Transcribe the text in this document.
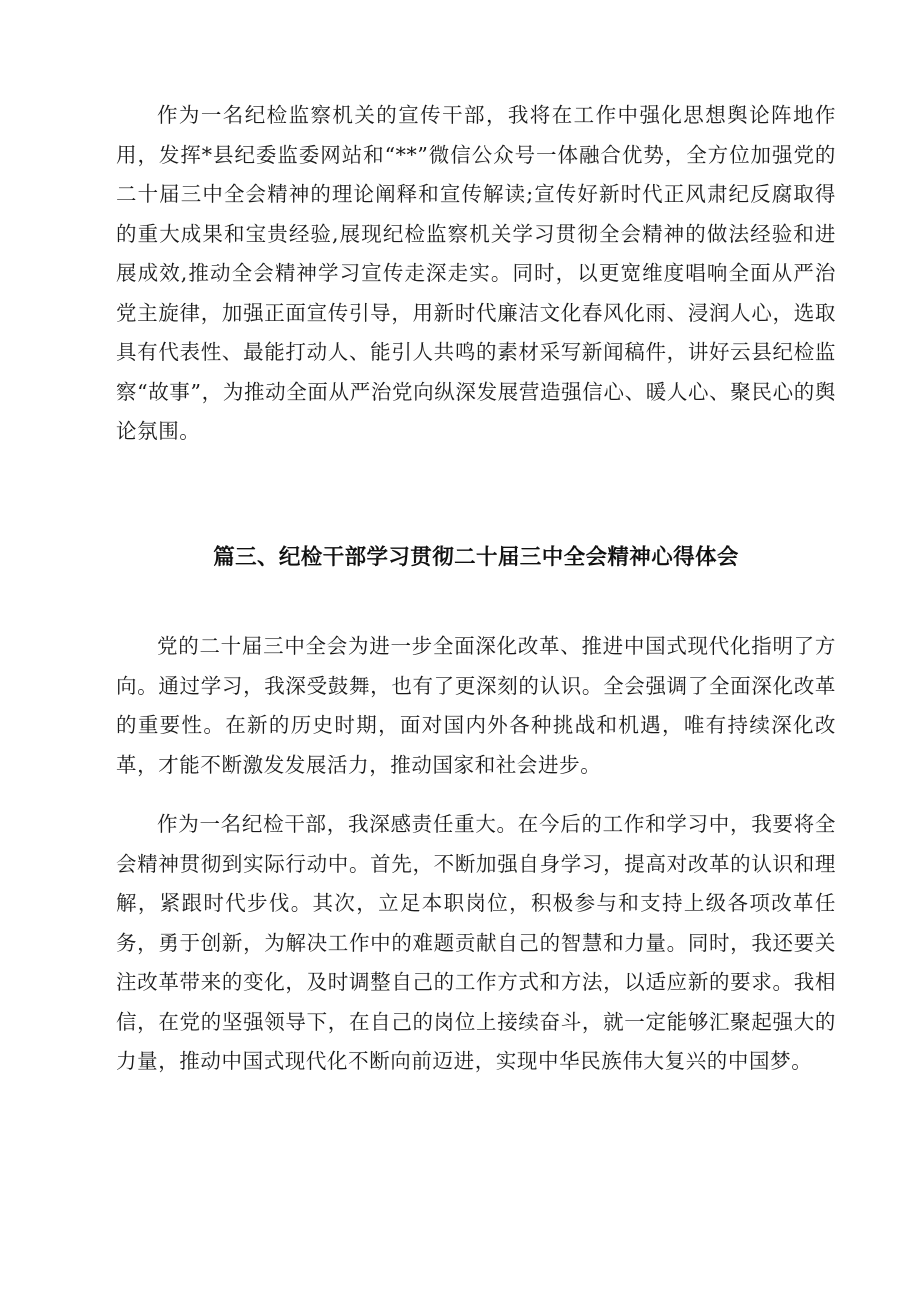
作为一名纪检监察机关的宣传干部，我将在工作中强化思想舆论阵地作用，发挥*县纪委监委网站和“**”微信公众号一体融合优势，全方位加强党的二十届三中全会精神的理论阐释和宣传解读;宣传好新时代正风肃纪反腐取得的重大成果和宝贵经验,展现纪检监察机关学习贯彻全会精神的做法经验和进展成效,推动全会精神学习宣传走深走实。同时，以更宽维度唱响全面从严治党主旋律，加强正面宣传引导，用新时代廉洁文化春风化雨、浸润人心，选取具有代表性、最能打动人、能引人共鸣的素材采写新闻稿件，讲好云县纪检监察“故事”，为推动全面从严治党向纵深发展营造强信心、暖人心、聚民心的舆论氛围。

篇三、纪检干部学习贯彻二十届三中全会精神心得体会

党的二十届三中全会为进一步全面深化改革、推进中国式现代化指明了方向。通过学习，我深受鼓舞，也有了更深刻的认识。全会强调了全面深化改革的重要性。在新的历史时期，面对国内外各种挑战和机遇，唯有持续深化改革，才能不断激发发展活力，推动国家和社会进步。

作为一名纪检干部，我深感责任重大。在今后的工作和学习中，我要将全会精神贯彻到实际行动中。首先，不断加强自身学习，提高对改革的认识和理解，紧跟时代步伐。其次，立足本职岗位，积极参与和支持上级各项改革任务，勇于创新，为解决工作中的难题贡献自己的智慧和力量。同时，我还要关注改革带来的变化，及时调整自己的工作方式和方法，以适应新的要求。我相信，在党的坚强领导下，在自己的岗位上接续奋斗，就一定能够汇聚起强大的力量，推动中国式现代化不断向前迈进，实现中华民族伟大复兴的中国梦。
